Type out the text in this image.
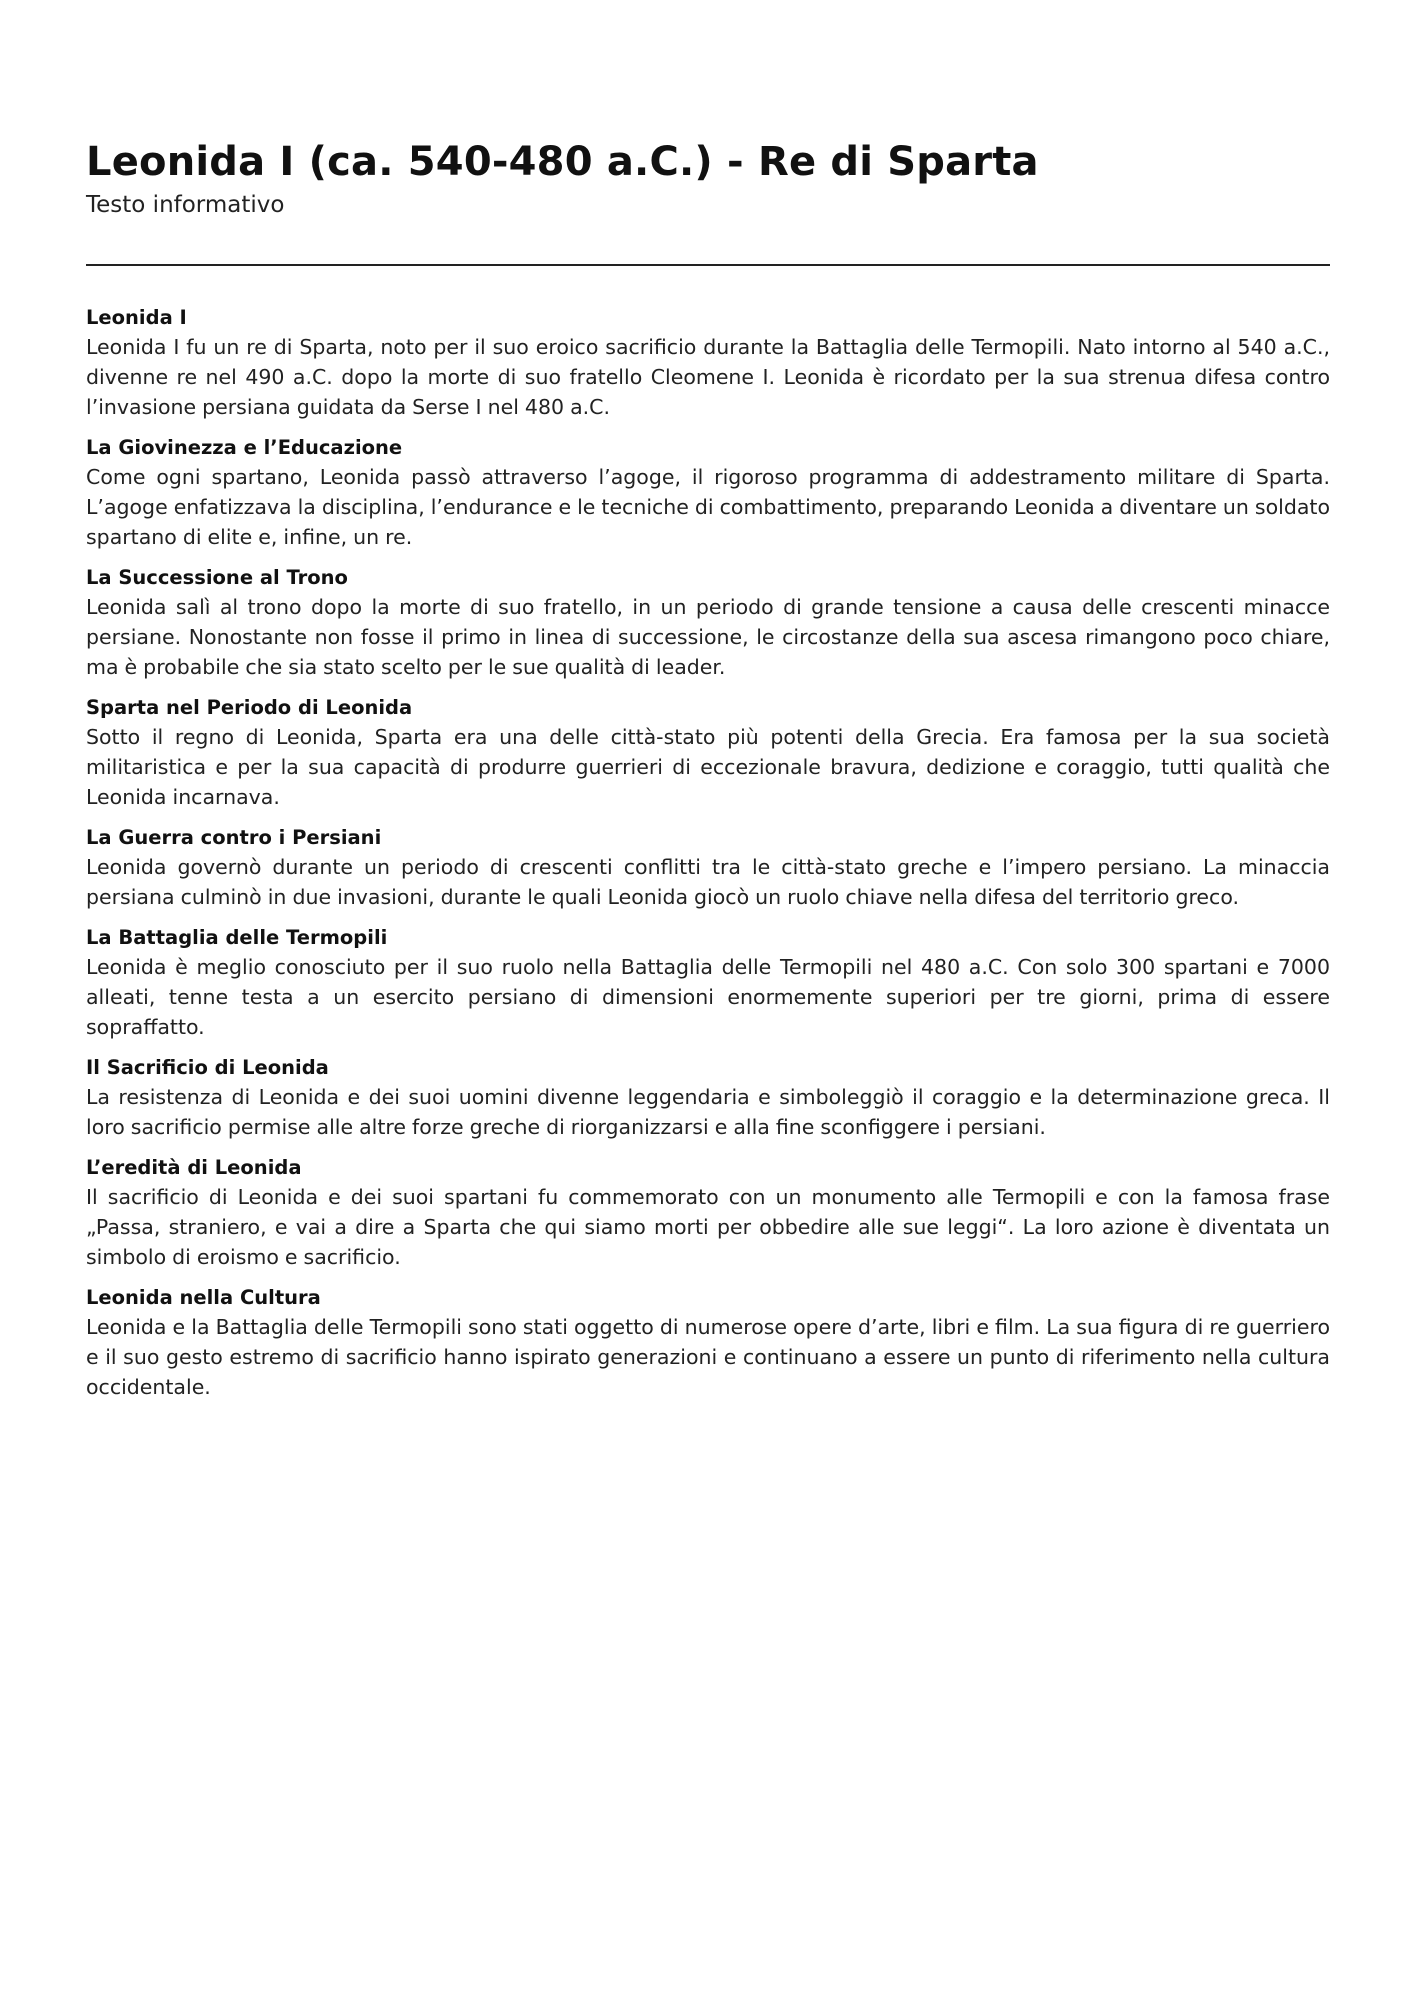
Leonida I (ca. 540-480 a.C.) - Re di Sparta

Testo informativo

Leonida I

Leonida I fu un re di Sparta, noto per il suo eroico sacrificio durante la Battaglia delle Termopili. Nato intorno al 540 a.C., divenne re nel 490 a.C. dopo la morte di suo fratello Cleomene I. Leonida è ricordato per la sua strenua difesa contro l’invasione persiana guidata da Serse I nel 480 a.C.

La Giovinezza e l’Educazione

Come ogni spartano, Leonida passò attraverso l’agoge, il rigoroso programma di addestramento militare di Sparta. L’agoge enfatizzava la disciplina, l’endurance e le tecniche di combattimento, preparando Leonida a diventare un soldato spartano di elite e, infine, un re.

La Successione al Trono

Leonida salì al trono dopo la morte di suo fratello, in un periodo di grande tensione a causa delle crescenti minacce persiane. Nonostante non fosse il primo in linea di successione, le circostanze della sua ascesa rimangono poco chiare, ma è probabile che sia stato scelto per le sue qualità di leader.

Sparta nel Periodo di Leonida

Sotto il regno di Leonida, Sparta era una delle città-stato più potenti della Grecia. Era famosa per la sua società militaristica e per la sua capacità di produrre guerrieri di eccezionale bravura, dedizione e coraggio, tutti qualità che Leonida incarnava.

La Guerra contro i Persiani

Leonida governò durante un periodo di crescenti conflitti tra le città-stato greche e l’impero persiano. La minaccia persiana culminò in due invasioni, durante le quali Leonida giocò un ruolo chiave nella difesa del territorio greco.

La Battaglia delle Termopili

Leonida è meglio conosciuto per il suo ruolo nella Battaglia delle Termopili nel 480 a.C. Con solo 300 spartani e 7000 alleati, tenne testa a un esercito persiano di dimensioni enormemente superiori per tre giorni, prima di essere sopraffatto.

Il Sacrificio di Leonida

La resistenza di Leonida e dei suoi uomini divenne leggendaria e simboleggiò il coraggio e la determinazione greca. Il loro sacrificio permise alle altre forze greche di riorganizzarsi e alla fine sconfiggere i persiani.

L’eredità di Leonida

Il sacrificio di Leonida e dei suoi spartani fu commemorato con un monumento alle Termopili e con la famosa frase „Passa, straniero, e vai a dire a Sparta che qui siamo morti per obbedire alle sue leggi“. La loro azione è diventata un simbolo di eroismo e sacrificio.

Leonida nella Cultura

Leonida e la Battaglia delle Termopili sono stati oggetto di numerose opere d’arte, libri e film. La sua figura di re guerriero e il suo gesto estremo di sacrificio hanno ispirato generazioni e continuano a essere un punto di riferimento nella cultura occidentale.
